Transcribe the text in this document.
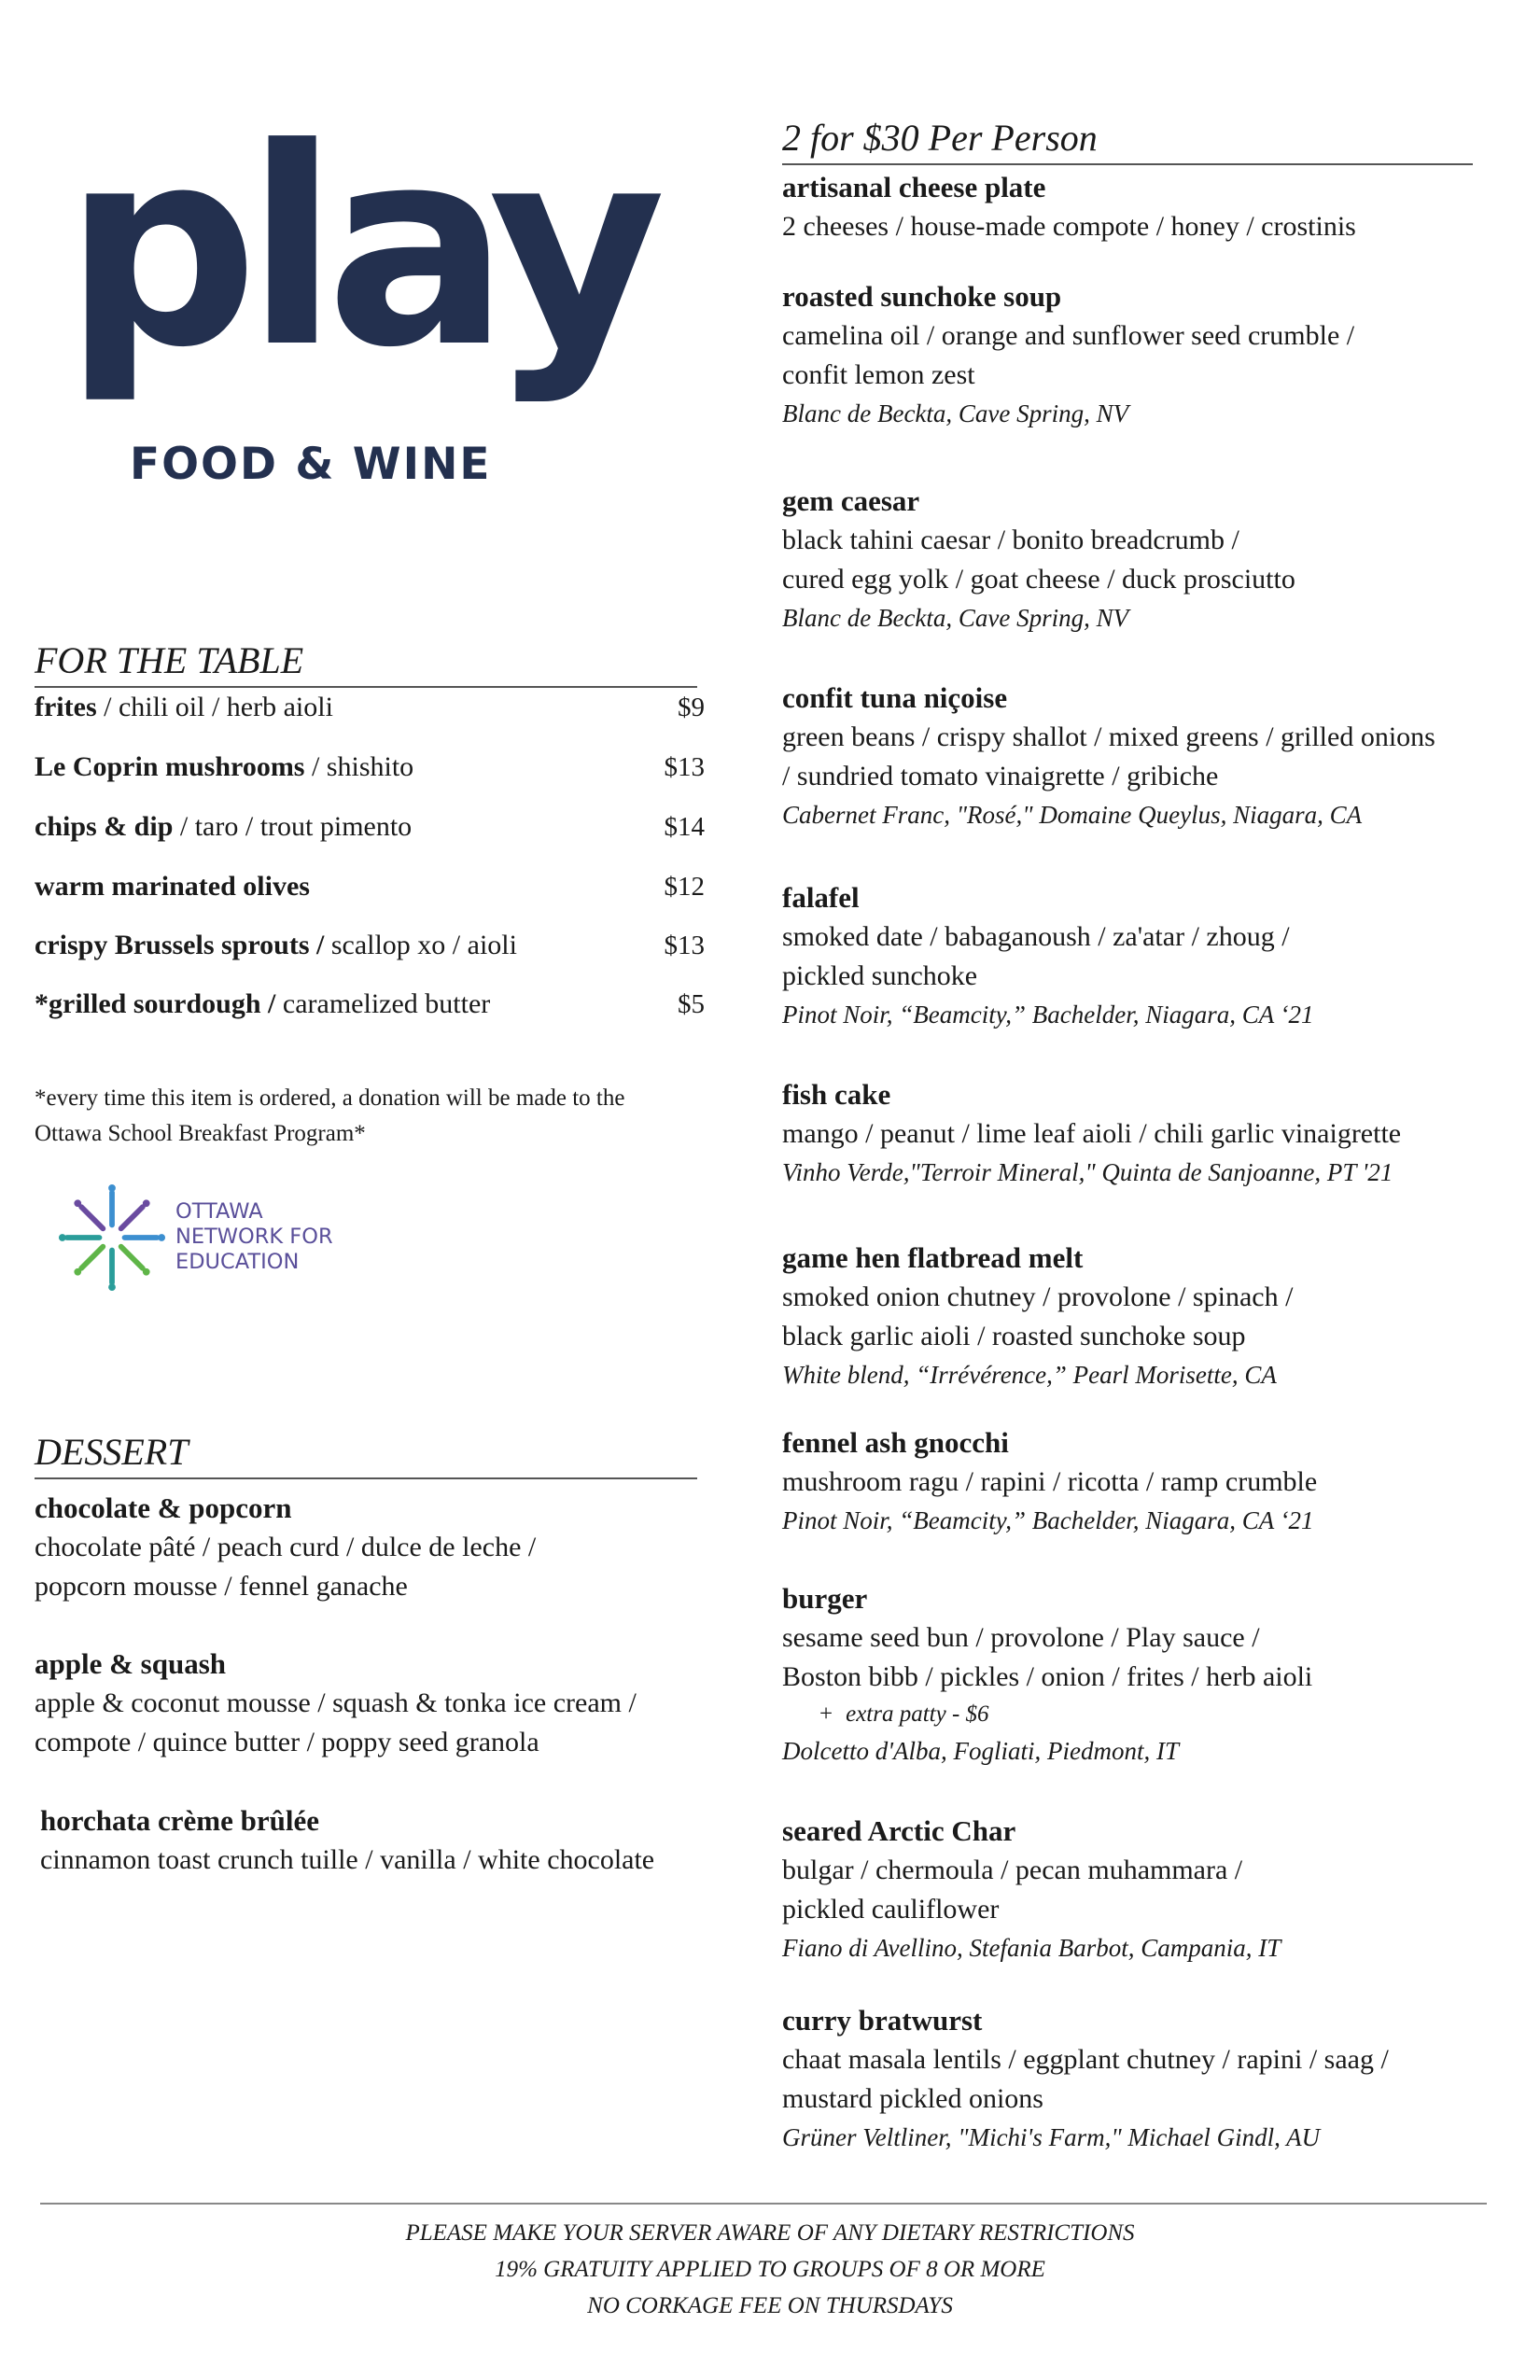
play
FOOD & WINE
FOR THE TABLE
frites / chili oil / herb aioli	$9
Le Coprin mushrooms / shishito	$13
chips & dip / taro / trout pimento	$14
warm marinated olives	$12
crispy Brussels sprouts / scallop xo / aioli	$13
*grilled sourdough / caramelized butter	$5
*every time this item is ordered, a donation will be made to the
Ottawa School Breakfast Program*
OTTAWA
NETWORK FOR
EDUCATION
DESSERT
chocolate & popcorn
chocolate pâté / peach curd / dulce de leche /
popcorn mousse / fennel ganache
apple & squash
apple & coconut mousse / squash & tonka ice cream /
compote / quince butter / poppy seed granola
horchata crème brûlée
cinnamon toast crunch tuille / vanilla / white chocolate
2 for $30 Per Person
artisanal cheese plate
2 cheeses / house-made compote / honey / crostinis
roasted sunchoke soup
camelina oil / orange and sunflower seed crumble /
confit lemon zest
Blanc de Beckta, Cave Spring, NV
gem caesar
black tahini caesar / bonito breadcrumb /
cured egg yolk / goat cheese / duck prosciutto
Blanc de Beckta, Cave Spring, NV
confit tuna niçoise
green beans / crispy shallot / mixed greens / grilled onions
/ sundried tomato vinaigrette / gribiche
Cabernet Franc, "Rosé," Domaine Queylus, Niagara, CA
falafel
smoked date / babaganoush / za'atar / zhoug /
pickled sunchoke
Pinot Noir, “Beamcity,” Bachelder, Niagara, CA ‘21
fish cake
mango / peanut / lime leaf aioli / chili garlic vinaigrette
Vinho Verde,"Terroir Mineral," Quinta de Sanjoanne, PT '21
game hen flatbread melt
smoked onion chutney / provolone / spinach /
black garlic aioli / roasted sunchoke soup
White blend, “Irrévérence,” Pearl Morisette, CA
fennel ash gnocchi
mushroom ragu / rapini / ricotta / ramp crumble
Pinot Noir, “Beamcity,” Bachelder, Niagara, CA ‘21
burger
sesame seed bun / provolone / Play sauce /
Boston bibb / pickles / onion / frites / herb aioli
+ extra patty - $6
Dolcetto d'Alba, Fogliati, Piedmont, IT
seared Arctic Char
bulgar / chermoula / pecan muhammara /
pickled cauliflower
Fiano di Avellino, Stefania Barbot, Campania, IT
curry bratwurst
chaat masala lentils / eggplant chutney / rapini / saag /
mustard pickled onions
Grüner Veltliner, "Michi's Farm," Michael Gindl, AU
PLEASE MAKE YOUR SERVER AWARE OF ANY DIETARY RESTRICTIONS
19% GRATUITY APPLIED TO GROUPS OF 8 OR MORE
NO CORKAGE FEE ON THURSDAYS
